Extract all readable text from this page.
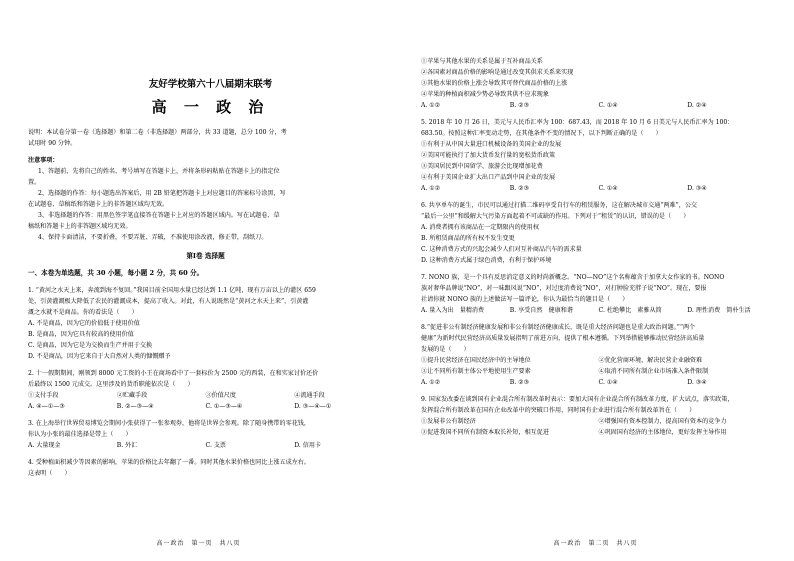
友好学校第六十八届期末联考
高 一 政 治
说明：本试卷分第一卷（选择题）和第二卷（非选择题）两部分，共 33 道题，总分 100 分，考
试用时 90 分钟。
注意事项：
1、答题前，先将自己的姓名、考号填写在答题卡上，并将条形码粘贴在答题卡上的指定位
置。
2、选择题的作答：每小题选出答案后，用 2B 铅笔把答题卡上对应题目的答案标号涂黑，写
在试题卷、草稿纸和答题卡上的非答题区域均无效。
3、非选择题的作答：用黑色签字笔直接答在答题卡上对应的答题区域内。写在试题卷、草
稿纸和答题卡上的非答题区域均无效。
4、保持卡面清洁，不要折叠，不要弄脏、弄破，不准使用涂改液，修正带，刮纸刀。
第Ⅰ卷 选择题
一、本卷为单选题，共 30 小题，每小题 2 分，共 60 分。
1. “黄河之水天上来，奔流到海不复回。”我国目前全国用水量已经达到 1.1 亿吨，现有万亩以上的灌区 659
处，引黄灌溉极大降低了农民的灌溉成本，提高了收入。对此，有人说既然是“黄河之水天上来”，引黄灌
溉之水就不是商品。你的看法是（　　）
A. 不是商品，因为它的价值低于使用价值
B. 是商品，因为它具有较高的使用价值
C. 是商品，因为它是为交换而生产并用于交换
D. 不是商品，因为它来自于大自然对人类的慷慨赠予
2. 十一假期期间，刚领到 8000 元工资的小王在商场看中了一套标价为 2500 元的西装，在和实家讨价还价
后最终以 1500 元成交。这里涉及的货币职能依次是（　　）
①支付手段	②贮藏手段	③价值尺度	④流通手段
A. ④—①—③	B. ②—③—④	C. ①—③—④	D. ③—④—①
3. 在上海举行世界贸易博览会期间小张获得了一张参观券，他将是世界会参观。除了随身携带的零花钱，
你认为小张的最佳选择是带上（　　）
A. 大量现金	B. 外汇	C. 支票	D. 信用卡
4. 受种植面积减少等因素的影响，苹果的价格比去年翻了一番。同时其他水果价格也同比上涨五成左右。
这表明（　　）
高一政治　第一页　共八页
①苹果与其他水果的关系是属于互补商品关系
②各国素对商品价格的影响是通过改变其供求关系来实现
③其他水果的价格上涨会导致其可替代商品价格的上涨
④苹果的种植面积减少势必导致其供不应求现象
A. ①②	B. ②③	C. ①④	D. ②④
5. 2018 年 10 月 26 日，美元与人民币汇率为 100：687.43，而 2018 年 10 月 6 日美元与人民币汇率为 100：
683.50。按照这种汇率变动走势，在其他条件不变的情况下，以下判断正确的是（　　）
①有利于从中国大量进口机械设备的美国企业的发展
②美国可能执行了加大货币发行量的宽松货币政策
③美国居民到中国留学、旅游会比现增加花费
④有利于美国企业扩大出口产品到中国企业的发展
A. ①②	B. ②③	C. ①④	D. ③④
6. 共享单车的诞生，市民可以通过打描二维码享受自行车的租赁服务，这在解决城市交通“两难”，公交
“最后一公里”和缓解大气污染方面起着不可或缺的作用。下列对于“租赁”的认识，错误的是（　　）
A. 消费者拥有该商品在一定期限内的使用权
B. 所租赁商品的所有权不发生变更
C. 这种消费方式的兴起会减少人们对互补商品汽车的需求量
D. 这种消费方式属于绿色消费，有利于保护环境
7. NONO 族，是一个具有反思消定意义的时尚新概念。“NO—NO”这个名称蕴含于加拿大女作家的书。NONO
族对奢华品牌说“NO”，对一味跟风说“NO”，对过度消费说“NO”，对打肿脸充胖子说“NO”。现在，要报
社请你就 NONO 族的上述做法写一篇评论，你认为最恰当的题目是（　　）
A. 量入为出　量精消费	B. 享受自然　健康和谐	C. 杜绝攀比　素雅从简	D. 理性消费　简朴生活
8.“促进非公有制经济健康发展和非公有制经济健康成长，既是重大经济问题也是重大政治问题。”“两个
健康”为新时代民营经济高质量发展指明了前进方向，提供了根本遵循。下列举措能够推动民营经济高质量
发展的是（　　）
①提升民营经济在国民经济中的主导地位	②优化营商环境，解决民营企业融资难
③让不同所有制主体公平地使用生产要素	④取消不同所有制企业市场准入条件限制
A. ①②	B. ②③	C. ①④	D. ③④
9. 国家发改委在谈到国有企业混合所有制改革时表示：要加大国有企业混合所有制改革力度，扩大试点，落实政策，
发挥混合所有制改革在国有企业改革中的突破口作用，同时国有企业进行混合所有制改革旨在（　　）
①发展非公有制经济	②增强国有资本控制力，提高国有资本的竞争力
③促进我国不同所有制资本取长补短，相互促进	④巩固国有经济的主体地位，更好发挥主导作用
高一政治　第二页　共八页
